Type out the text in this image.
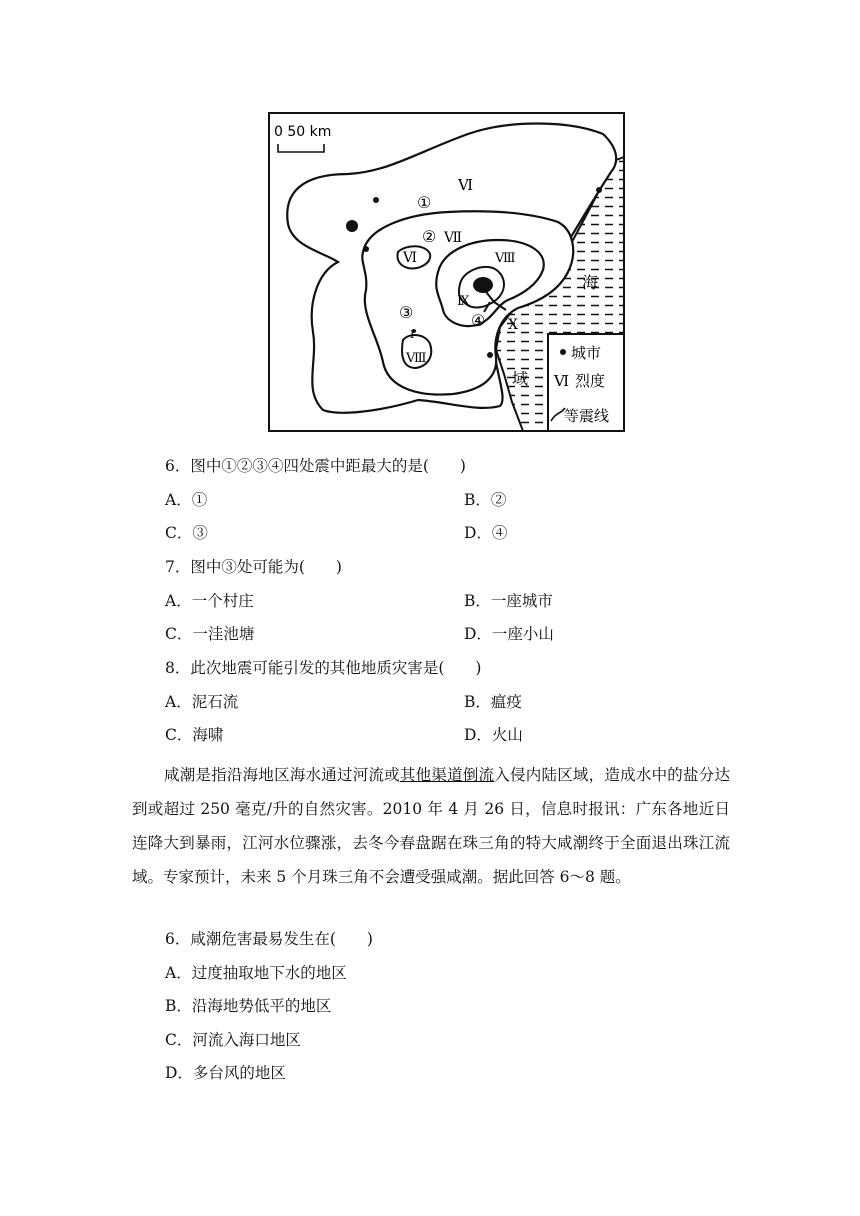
0 50 km
Ⅵ
Ⅶ
Ⅵ	Ⅷ
Ⅸ
Ⅹ
Ⅷ
Ⅰ
①
②
③	④
海
域
城市
Ⅵ 烈度
等震线
6．图中①②③④四处震中距最大的是(　　)
A．①	B．②
C．③	D．④
7．图中③处可能为(　　)
A．一个村庄	B．一座城市
C．一洼池塘	D．一座小山
8．此次地震可能引发的其他地质灾害是(　　)
A．泥石流	B．瘟疫
C．海啸	D．火山
咸潮是指沿海地区海水通过河流或其他渠道倒流入侵内陆区域，造成水中的盐分达到或超过 250 毫克/升的自然灾害。2010 年 4 月 26 日，信息时报讯：广东各地近日连降大到暴雨，江河水位骤涨，去冬今春盘踞在珠三角的特大咸潮终于全面退出珠江流域。专家预计，未来 5 个月珠三角不会遭受强咸潮。据此回答 6～8 题。
6．咸潮危害最易发生在(　　)
A．过度抽取地下水的地区
B．沿海地势低平的地区
C．河流入海口地区
D．多台风的地区
